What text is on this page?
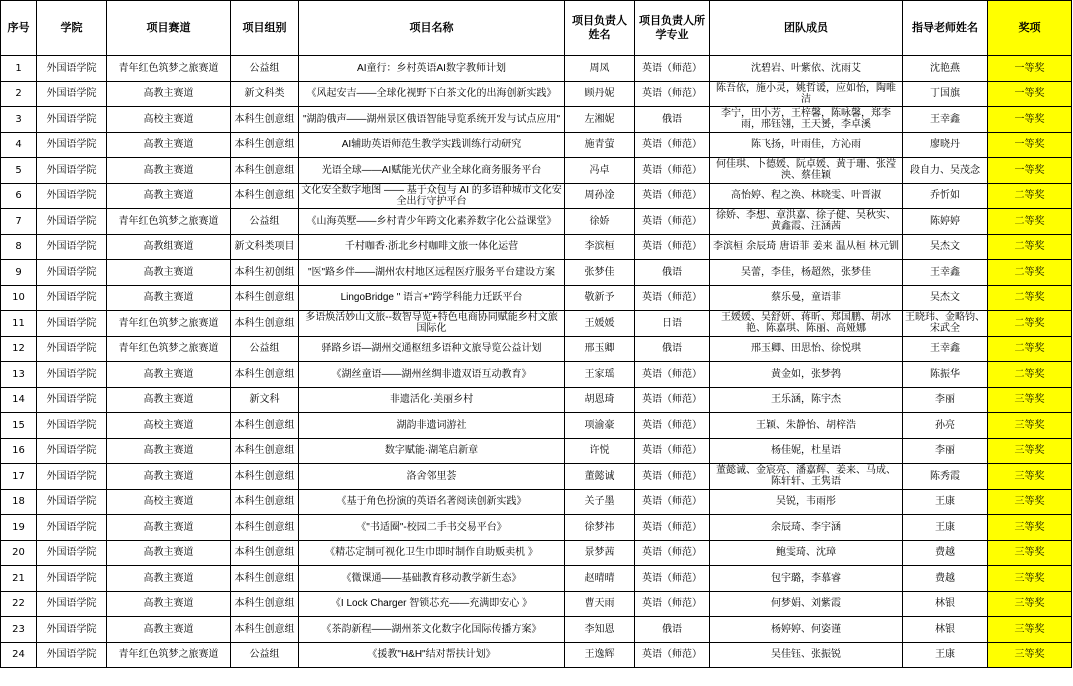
序号	学院	项目赛道	项目组别	项目名称	项目负责人姓名	项目负责人所学专业	团队成员	指导老师姓名	奖项
1	外国语学院	青年红色筑梦之旅赛道	公益组	AI童行：乡村英语AI数字教师计划	周凤	英语（师范）	沈碧岩、叶紫依、沈雨艾	沈艳燕	一等奖
2	外国语学院	高教主赛道	新文科类	《风起安吉——全球化视野下白茶文化的出海创新实践》	顾丹妮	英语（师范）	陈吾依，施小灵，姚哲谖，应如怡，陶唯洁	丁国旗	一等奖
3	外国语学院	高校主赛道	本科生创意组	"湖韵俄声——湖州景区俄语智能导览系统开发与试点应用"	左湘妮	俄语	李宁，田小芳，王梓馨，陈咏馨，郑李雨，邢钰翎，王天赟，李卓溪	王幸鑫	一等奖
4	外国语学院	高教主赛道	本科生创意组	AI辅助英语师范生教学实践训练行动研究	施青萤	英语（师范）	陈飞扬，叶雨佳，方沁雨	廖晓丹	一等奖
5	外国语学院	高教主赛道	本科生创意组	光语全球——AI赋能光伏产业全球化商务服务平台	冯卓	英语（师范）	何佳琪、卜德媛、阮卓媛、黄于珊、张滢泱、蔡佳颖	段自力、吴茂念	一等奖
6	外国语学院	高教主赛道	本科生创意组	文化安全数字地图 —— 基于众包与 AI 的多语种城市文化安全出行守护平台	周孙淦	英语（师范）	高怡婷、程之涣、林晓雯、叶晋淑	乔忻如	二等奖
7	外国语学院	青年红色筑梦之旅赛道	公益组	《山海英墅——乡村青少年跨文化素养数字化公益课堂》	徐娇	英语（师范）	徐娇、李想、章洪嘉、徐子健、吴秋实、黄鑫霞、汪涵茜	陈婷婷	二等奖
8	外国语学院	高教组赛道	新文科类项目	千村咖香·浙北乡村咖啡文旅一体化运营	李滨桓	英语（师范）	李滨桓 余辰琦 唐语菲 姜来 温从桓 林元钏	吴杰文	二等奖
9	外国语学院	高教主赛道	本科生初创组	"医"路乡伴——湖州农村地区远程医疗服务平台建设方案	张梦佳	俄语	吴蕾，李佳，杨超然，张梦佳	王幸鑫	二等奖
10	外国语学院	高教主赛道	本科生创意组	LingoBridge " 语言+"跨学科能力迁跃平台	敬新予	英语（师范）	蔡乐曼，童语菲	吴杰文	二等奖
11	外国语学院	青年红色筑梦之旅赛道	本科生创意组	多语焕活妙山文旅--数智导览+特色电商协同赋能乡村文旅国际化	王媛媛	日语	王媛媛、吴舒妍、蒋昕、郑国鹏、胡冰艳、陈嘉琪、陈丽、高娅娜	王晓玮、金略钧、宋武全	二等奖
12	外国语学院	青年红色筑梦之旅赛道	公益组	驿路乡语—湖州交通枢纽多语种文旅导览公益计划	邢玉卿	俄语	邢玉卿、田思怡、徐悦琪	王幸鑫	二等奖
13	外国语学院	高教主赛道	本科生创意组	《湖丝童语——湖州丝绸非遗双语互动教育》	王家瑶	英语（师范）	黄金如，张梦鹁	陈振华	二等奖
14	外国语学院	高教主赛道	新文科	非遗活化·美丽乡村	胡恩琦	英语（师范）	王乐涵，陈宇杰	李丽	三等奖
15	外国语学院	高校主赛道	本科生创意组	湖韵非遗词游社	项渝豪	英语（师范）	王颖、朱静怡、胡梓浩	孙亮	三等奖
16	外国语学院	高教主赛道	本科生创意组	数字赋能·湖笔启新章	许悦	英语（师范）	杨佳妮，杜星语	李丽	三等奖
17	外国语学院	高教主赛道	本科生创意组	洛舍邻里荟	董懿诚	英语（师范）	董懿诚、金宸亮、潘嘉辉、姜来、马成、陈轩轩、王隽语	陈秀霞	三等奖
18	外国语学院	高校主赛道	本科生创意组	《基于角色扮演的英语名著阅读创新实践》	关子墨	英语（师范）	吴锐，韦雨彤	王康	三等奖
19	外国语学院	高教主赛道	本科生创意组	《"书适圈"-校园二手书交易平台》	徐梦祎	英语（师范）	余辰琦、李宇涵	王康	三等奖
20	外国语学院	高教主赛道	本科生创意组	《精芯定制可视化卫生巾即时制作自助贩卖机 》	景梦茜	英语（师范）	鲍雯琦、沈璋	费越	三等奖
21	外国语学院	高教主赛道	本科生创意组	《微课通——基础教育移动教学新生态》	赵晴晴	英语（师范）	包宇璐，李慕睿	费越	三等奖
22	外国语学院	高教主赛道	本科生创意组	《I Lock Charger 智锁芯充——充满即安心 》	曹天雨	英语（师范）	何梦娟、刘紫霞	林银	三等奖
23	外国语学院	高教主赛道	本科生创意组	《茶韵新程——湖州茶文化数字化国际传播方案》	李知恩	俄语	杨婷婷、何姿谨	林银	三等奖
24	外国语学院	青年红色筑梦之旅赛道	公益组	《援教"H&H"结对帮扶计划》	王逸辉	英语（师范）	吴佳钰、张振锐	王康	三等奖
